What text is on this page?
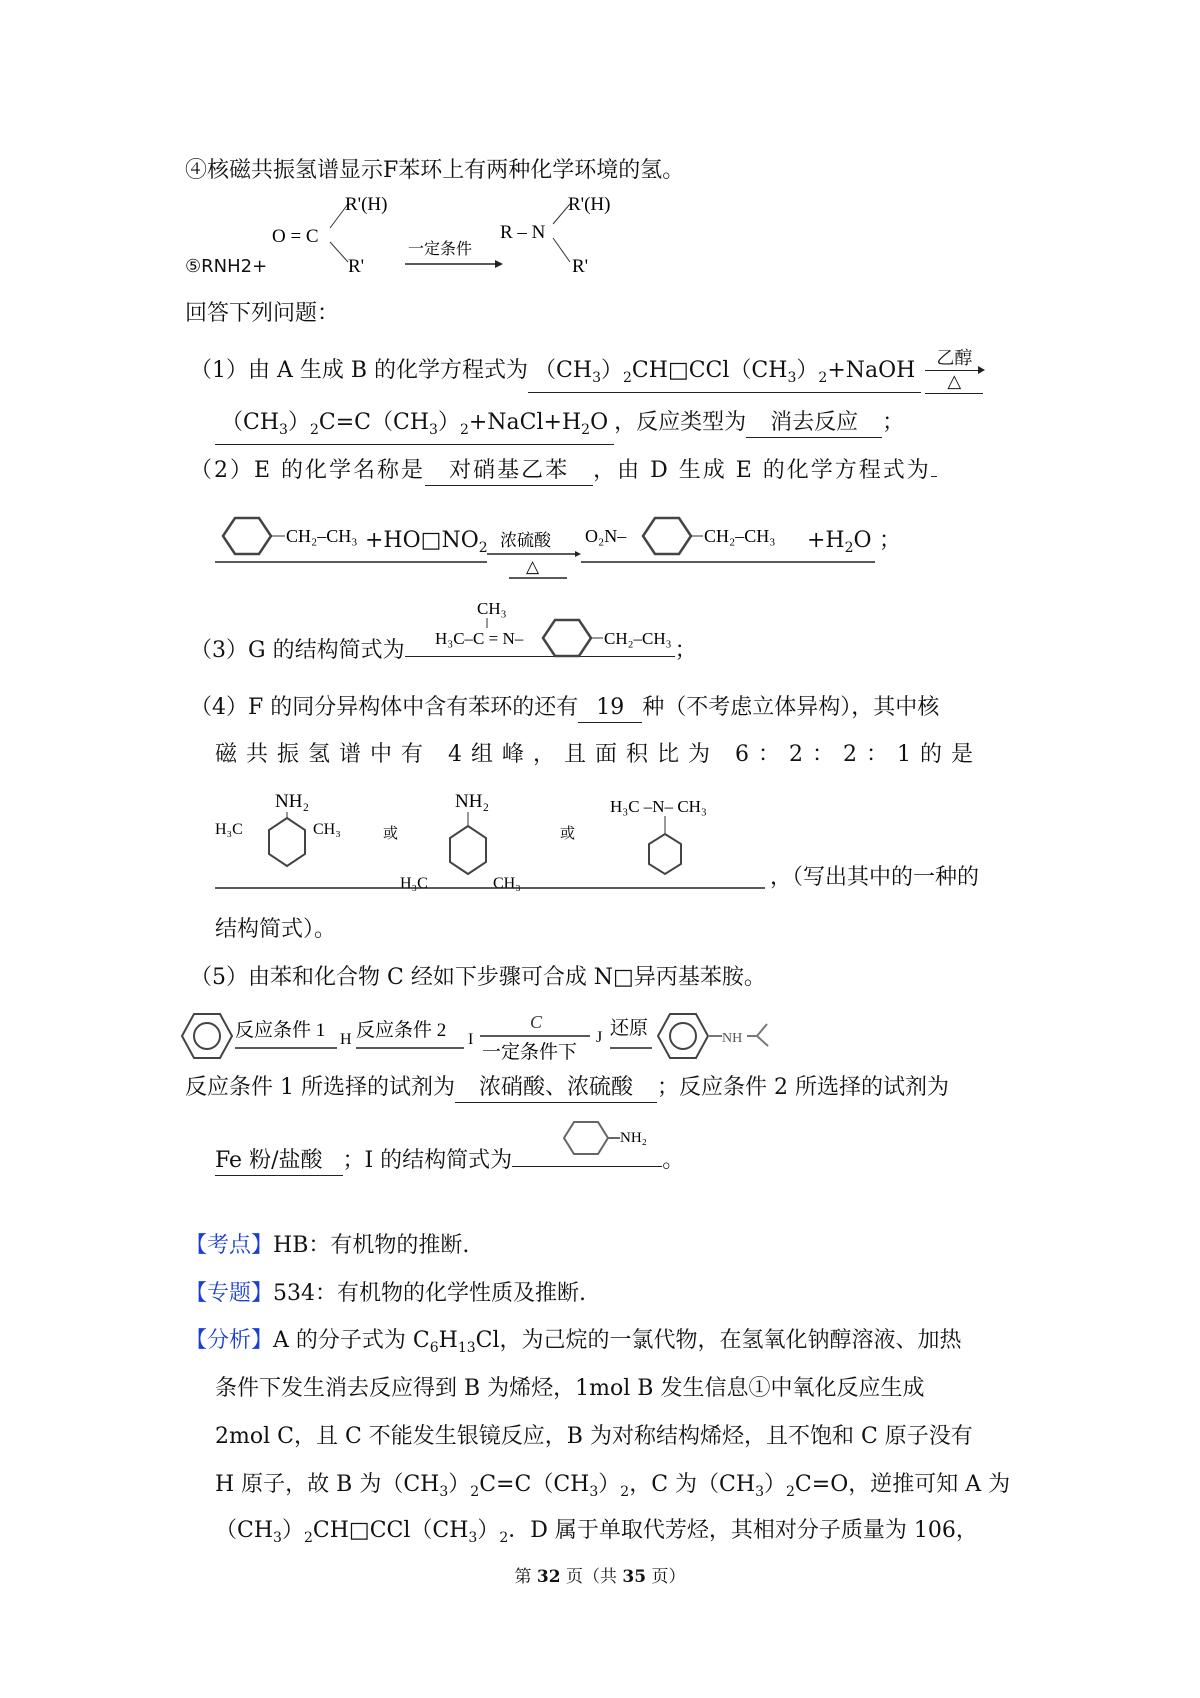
④核磁共振氢谱显示F苯环上有两种化学环境的氢。
⑤RNH2+
O = C
R'(H)
R'
一定条件
R – N
R'(H)
R'
回答下列问题：
（1）由 A 生成 B 的化学方程式为 $(CH_3)_2CH□CCl(CH_3)_2+NaOH$	乙醇
△
$(CH_3)_2C=C(CH_3)_2+NaCl+H_2O$ ，反应类型为 消去反应 ；
（2）E 的化学名称是 对硝基乙苯 ，由 D 生成 E 的化学方程式为
CH₂–CH₃	浓硫酸
△
O₂N–	CH₂–CH₃
$+HO□NO_2$	$+H_2O$ ；
（3）G 的结构简式为	；
CH₃
H₃C–C = N–	CH₂–CH₃
（4）F 的同分异构体中含有苯环的还有 19 种（不考虑立体异构），其中核
磁共振氢谱中有 4组峰，且面积比为 6：2：2：1的是
NH₂
H₃C	CH₃	或
NH₂
H₃C	CH₃
或
H₃C –N– CH₃
，（写出其中的一种的
结构简式）。
（5）由苯和化合物 C 经如下步骤可合成 N□异丙基苯胺。
反应条件 1 H 反应条件 2 I
C
一定条件下
J 还原	NH
反应条件 1 所选择的试剂为 浓硝酸、浓硫酸 ；反应条件 2 所选择的试剂为
Fe 粉/盐酸 ；I 的结构简式为	。
NH₂
【考点】HB：有机物的推断.
【专题】534：有机物的化学性质及推断.
【分析】A 的分子式为 $C_6H_{13}Cl$，为己烷的一氯代物，在氢氧化钠醇溶液、加热
条件下发生消去反应得到 B 为烯烃，1mol B 发生信息①中氧化反应生成
2mol C，且 C 不能发生银镜反应，B 为对称结构烯烃，且不饱和 C 原子没有
H 原子，故 B 为$(CH_3)_2C=C(CH_3)_2$，C 为$(CH_3)_2C=O$，逆推可知 A 为
$(CH_3)_2CH□CCl(CH_3)_2$．D 属于单取代芳烃，其相对分子质量为 106，
第 32 页（共 35 页）
